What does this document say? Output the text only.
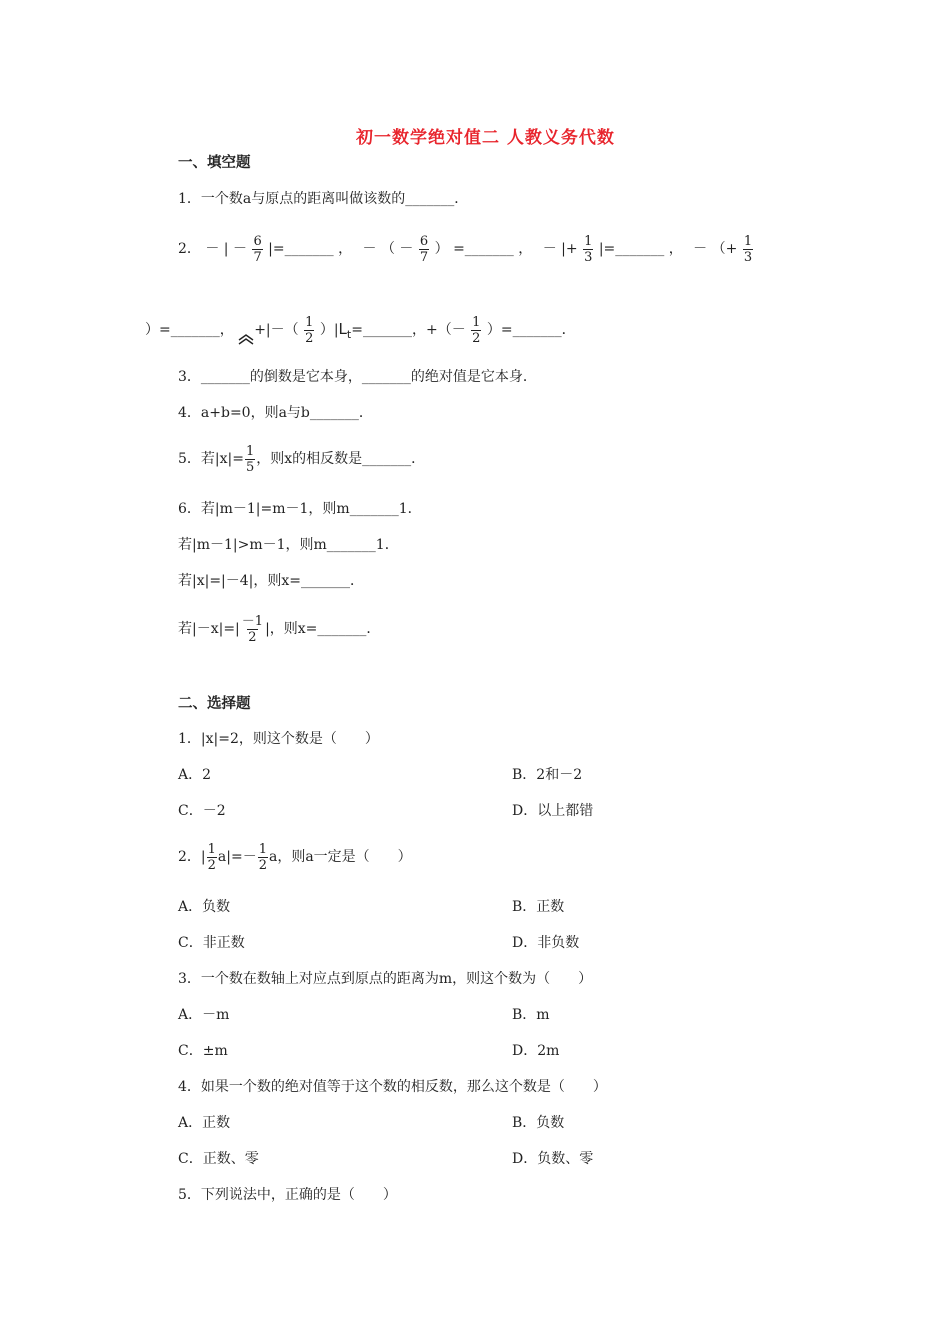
初一数学绝对值二 人教义务代数
一、填空题
1．一个数a与原点的距离叫做该数的_______．
2． － | － $\frac{6}{7}$ |=_______ ， － （ － $\frac{6}{7}$ ） =_______ ， － |+ $\frac{1}{3}$ |=_______ ， － （+ $\frac{1}{3}$
）=_______， +|－（ $\frac{1}{2}$ ）$|L_t=\_\_\_\_\_\_\_$，+（－ $\frac{1}{2}$ ）=_______．
3．_______的倒数是它本身，_______的绝对值是它本身．
4．a+b=0，则a与b_______．
5．若$|x|= \frac{1}{5}$ ，则x的相反数是_______．
6．若|m－1|=m－1，则m_______1．
若|m－1|>m－1，则m_______1．
若|x|=|－4|，则x=_______．
若$|-x|=| \frac{-1}{2}$ |，则x=_______．
二、选择题
1．|x|=2，则这个数是（　　）
A．2	B．2和－2
C．－2	D．以上都错
2．| $\frac{1}{2} a|=- \frac{1}{2}$ a，则a一定是（　　）
A．负数	B．正数
C．非正数	D．非负数
3．一个数在数轴上对应点到原点的距离为m，则这个数为（　　）
A．－m	B．m
C．±m	D．2m
4．如果一个数的绝对值等于这个数的相反数，那么这个数是（　　）
A．正数	B．负数
C．正数、零	D．负数、零
5．下列说法中，正确的是（　　）
